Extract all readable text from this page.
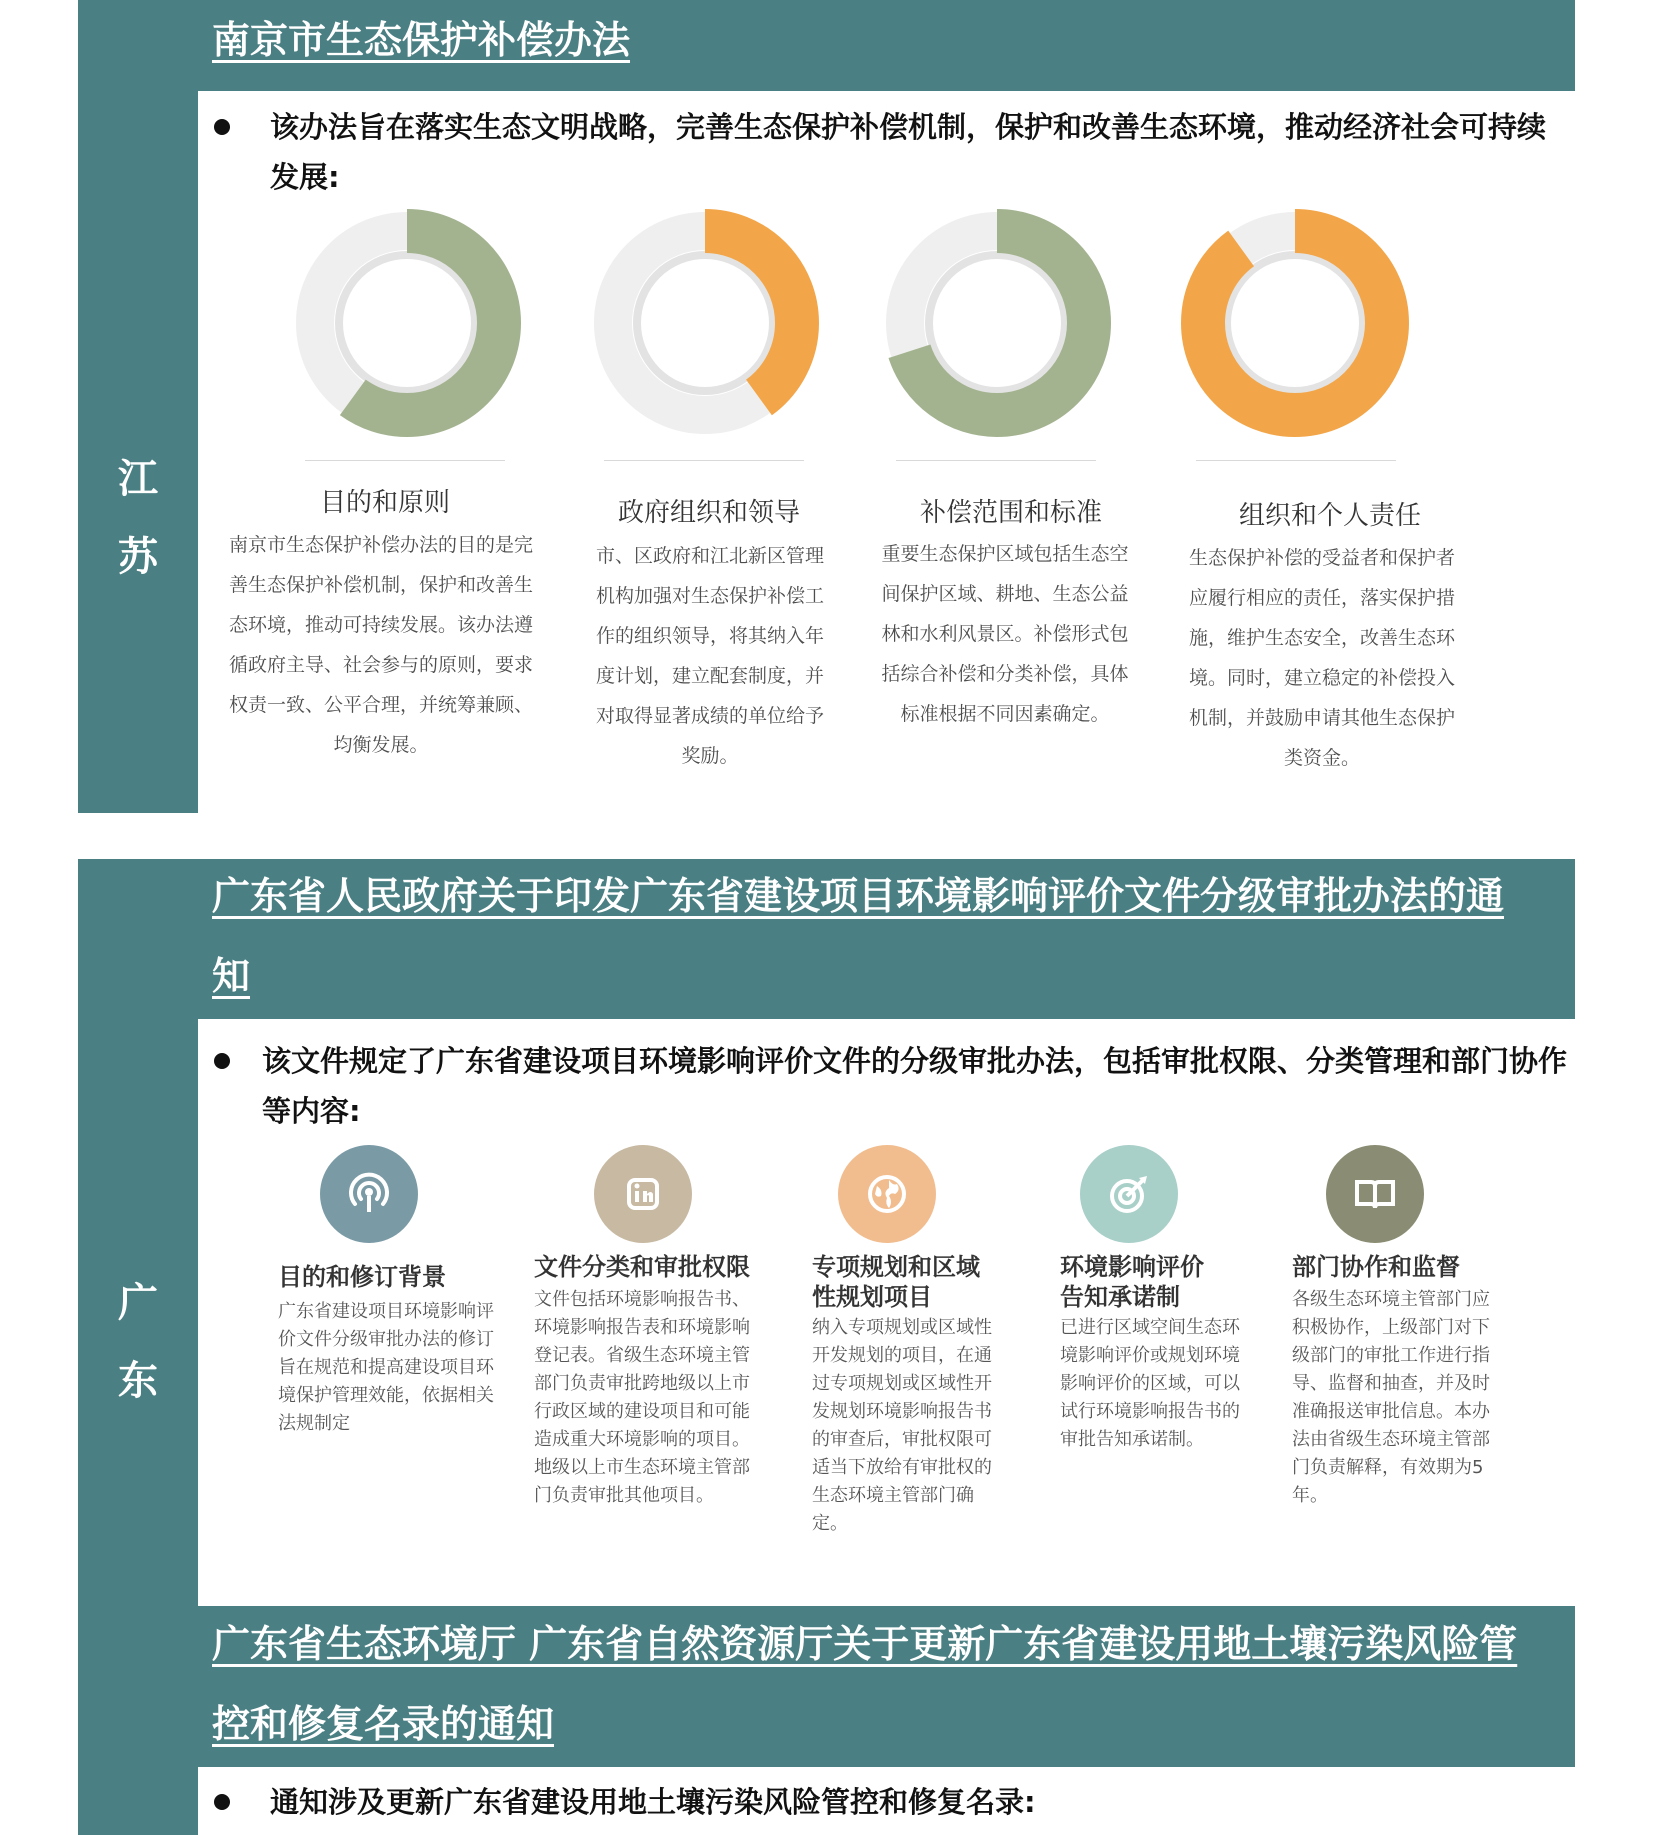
江
苏
南京市生态保护补偿办法
该办法旨在落实生态文明战略，完善生态保护补偿机制，保护和改善生态环境，推动经济社会可持续发展:
目的和原则
南京市生态保护补偿办法的目的是完善生态保护补偿机制，保护和改善生态环境，推动可持续发展。该办法遵循政府主导、社会参与的原则，要求权责一致、公平合理，并统筹兼顾、均衡发展。
政府组织和领导
市、区政府和江北新区管理机构加强对生态保护补偿工作的组织领导，将其纳入年度计划，建立配套制度，并对取得显著成绩的单位给予奖励。
补偿范围和标准
重要生态保护区域包括生态空间保护区域、耕地、生态公益林和水利风景区。补偿形式包括综合补偿和分类补偿，具体标准根据不同因素确定。
组织和个人责任
生态保护补偿的受益者和保护者应履行相应的责任，落实保护措施，维护生态安全，改善生态环境。同时，建立稳定的补偿投入机制，并鼓励申请其他生态保护类资金。
广
东
广东省人民政府关于印发广东省建设项目环境影响评价文件分级审批办法的通
知
该文件规定了广东省建设项目环境影响评价文件的分级审批办法，包括审批权限、分类管理和部门协作等内容:
目的和修订背景
广东省建设项目环境影响评价文件分级审批办法的修订旨在规范和提高建设项目环境保护管理效能，依据相关法规制定
文件分类和审批权限
文件包括环境影响报告书、环境影响报告表和环境影响登记表。省级生态环境主管部门负责审批跨地级以上市行政区域的建设项目和可能造成重大环境影响的项目。地级以上市生态环境主管部门负责审批其他项目。
专项规划和区域性规划项目
纳入专项规划或区域性开发规划的项目，在通过专项规划或区域性开发规划环境影响报告书的审查后，审批权限可适当下放给有审批权的生态环境主管部门确定。
环境影响评价告知承诺制
已进行区域空间生态环境影响评价或规划环境影响评价的区域，可以试行环境影响报告书的审批告知承诺制。
部门协作和监督
各级生态环境主管部门应积极协作，上级部门对下级部门的审批工作进行指导、监督和抽查，并及时准确报送审批信息。本办法由省级生态环境主管部门负责解释，有效期为5年。
广东省生态环境厅 广东省自然资源厅关于更新广东省建设用地土壤污染风险管
控和修复名录的通知
通知涉及更新广东省建设用地土壤污染风险管控和修复名录:
